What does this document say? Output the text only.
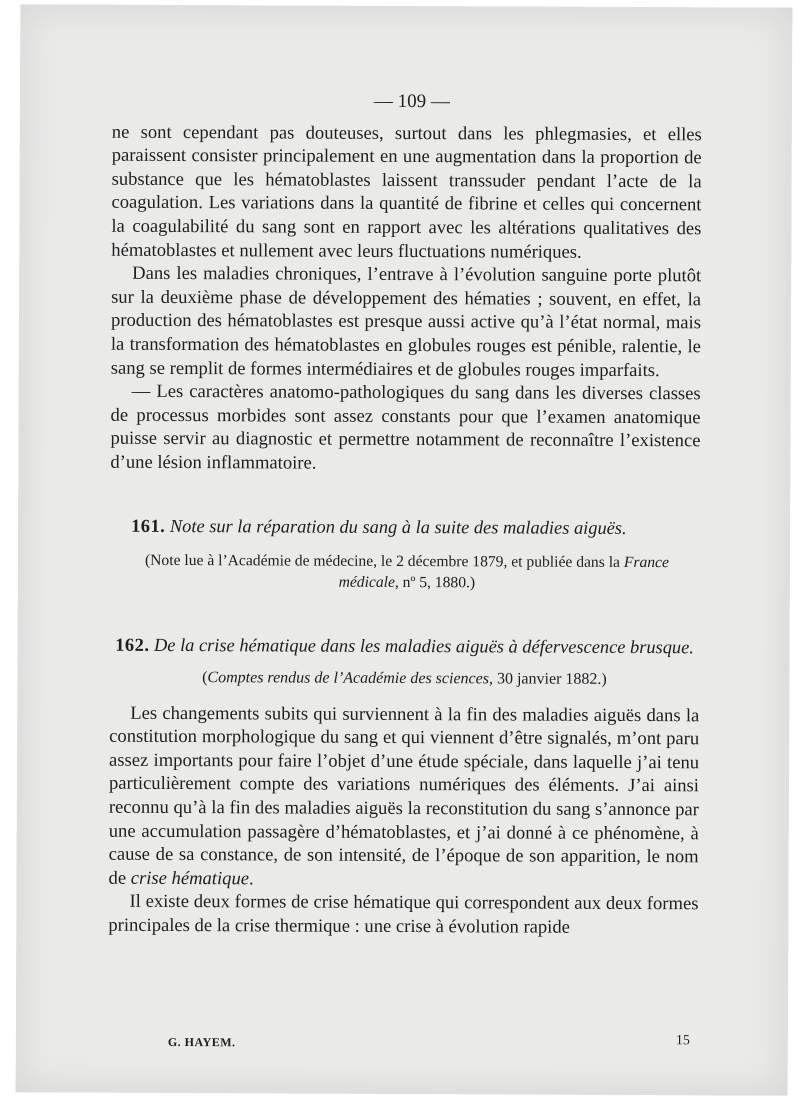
— 109 —

ne sont cependant pas douteuses, surtout dans les phlegmasies, et elles paraissent consister principalement en une augmentation dans la proportion de substance que les hématoblastes laissent transsuder pendant l’acte de la coagulation. Les variations dans la quantité de fibrine et celles qui concernent la coagulabilité du sang sont en rapport avec les altérations qualitatives des hématoblastes et nullement avec leurs fluctuations numériques.

Dans les maladies chroniques, l’entrave à l’évolution sanguine porte plutôt sur la deuxième phase de développement des hématies ; souvent, en effet, la production des hématoblastes est presque aussi active qu’à l’état normal, mais la transformation des hématoblastes en globules rouges est pénible, ralentie, le sang se remplit de formes intermédiaires et de globules rouges imparfaits.

— Les caractères anatomo-pathologiques du sang dans les diverses classes de processus morbides sont assez constants pour que l’examen anatomique puisse servir au diagnostic et permettre notamment de reconnaître l’existence d’une lésion inflammatoire.

161. Note sur la réparation du sang à la suite des maladies aiguës.

(Note lue à l’Académie de médecine, le 2 décembre 1879, et publiée dans la France médicale, nº 5, 1880.)
162. De la crise hématique dans les maladies aiguës à défervescence brusque.
(Comptes rendus de l’Académie des sciences, 30 janvier 1882.)

Les changements subits qui surviennent à la fin des maladies aiguës dans la constitution morphologique du sang et qui viennent d’être signalés, m’ont paru assez importants pour faire l’objet d’une étude spéciale, dans laquelle j’ai tenu particulièrement compte des variations numériques des éléments. J’ai ainsi reconnu qu’à la fin des maladies aiguës la reconstitution du sang s’annonce par une accumulation passagère d’hématoblastes, et j’ai donné à ce phénomène, à cause de sa constance, de son intensité, de l’époque de son apparition, le nom de crise hématique.

Il existe deux formes de crise hématique qui correspondent aux deux formes principales de la crise thermique : une crise à évolution rapide

G. HAYEM.	15
